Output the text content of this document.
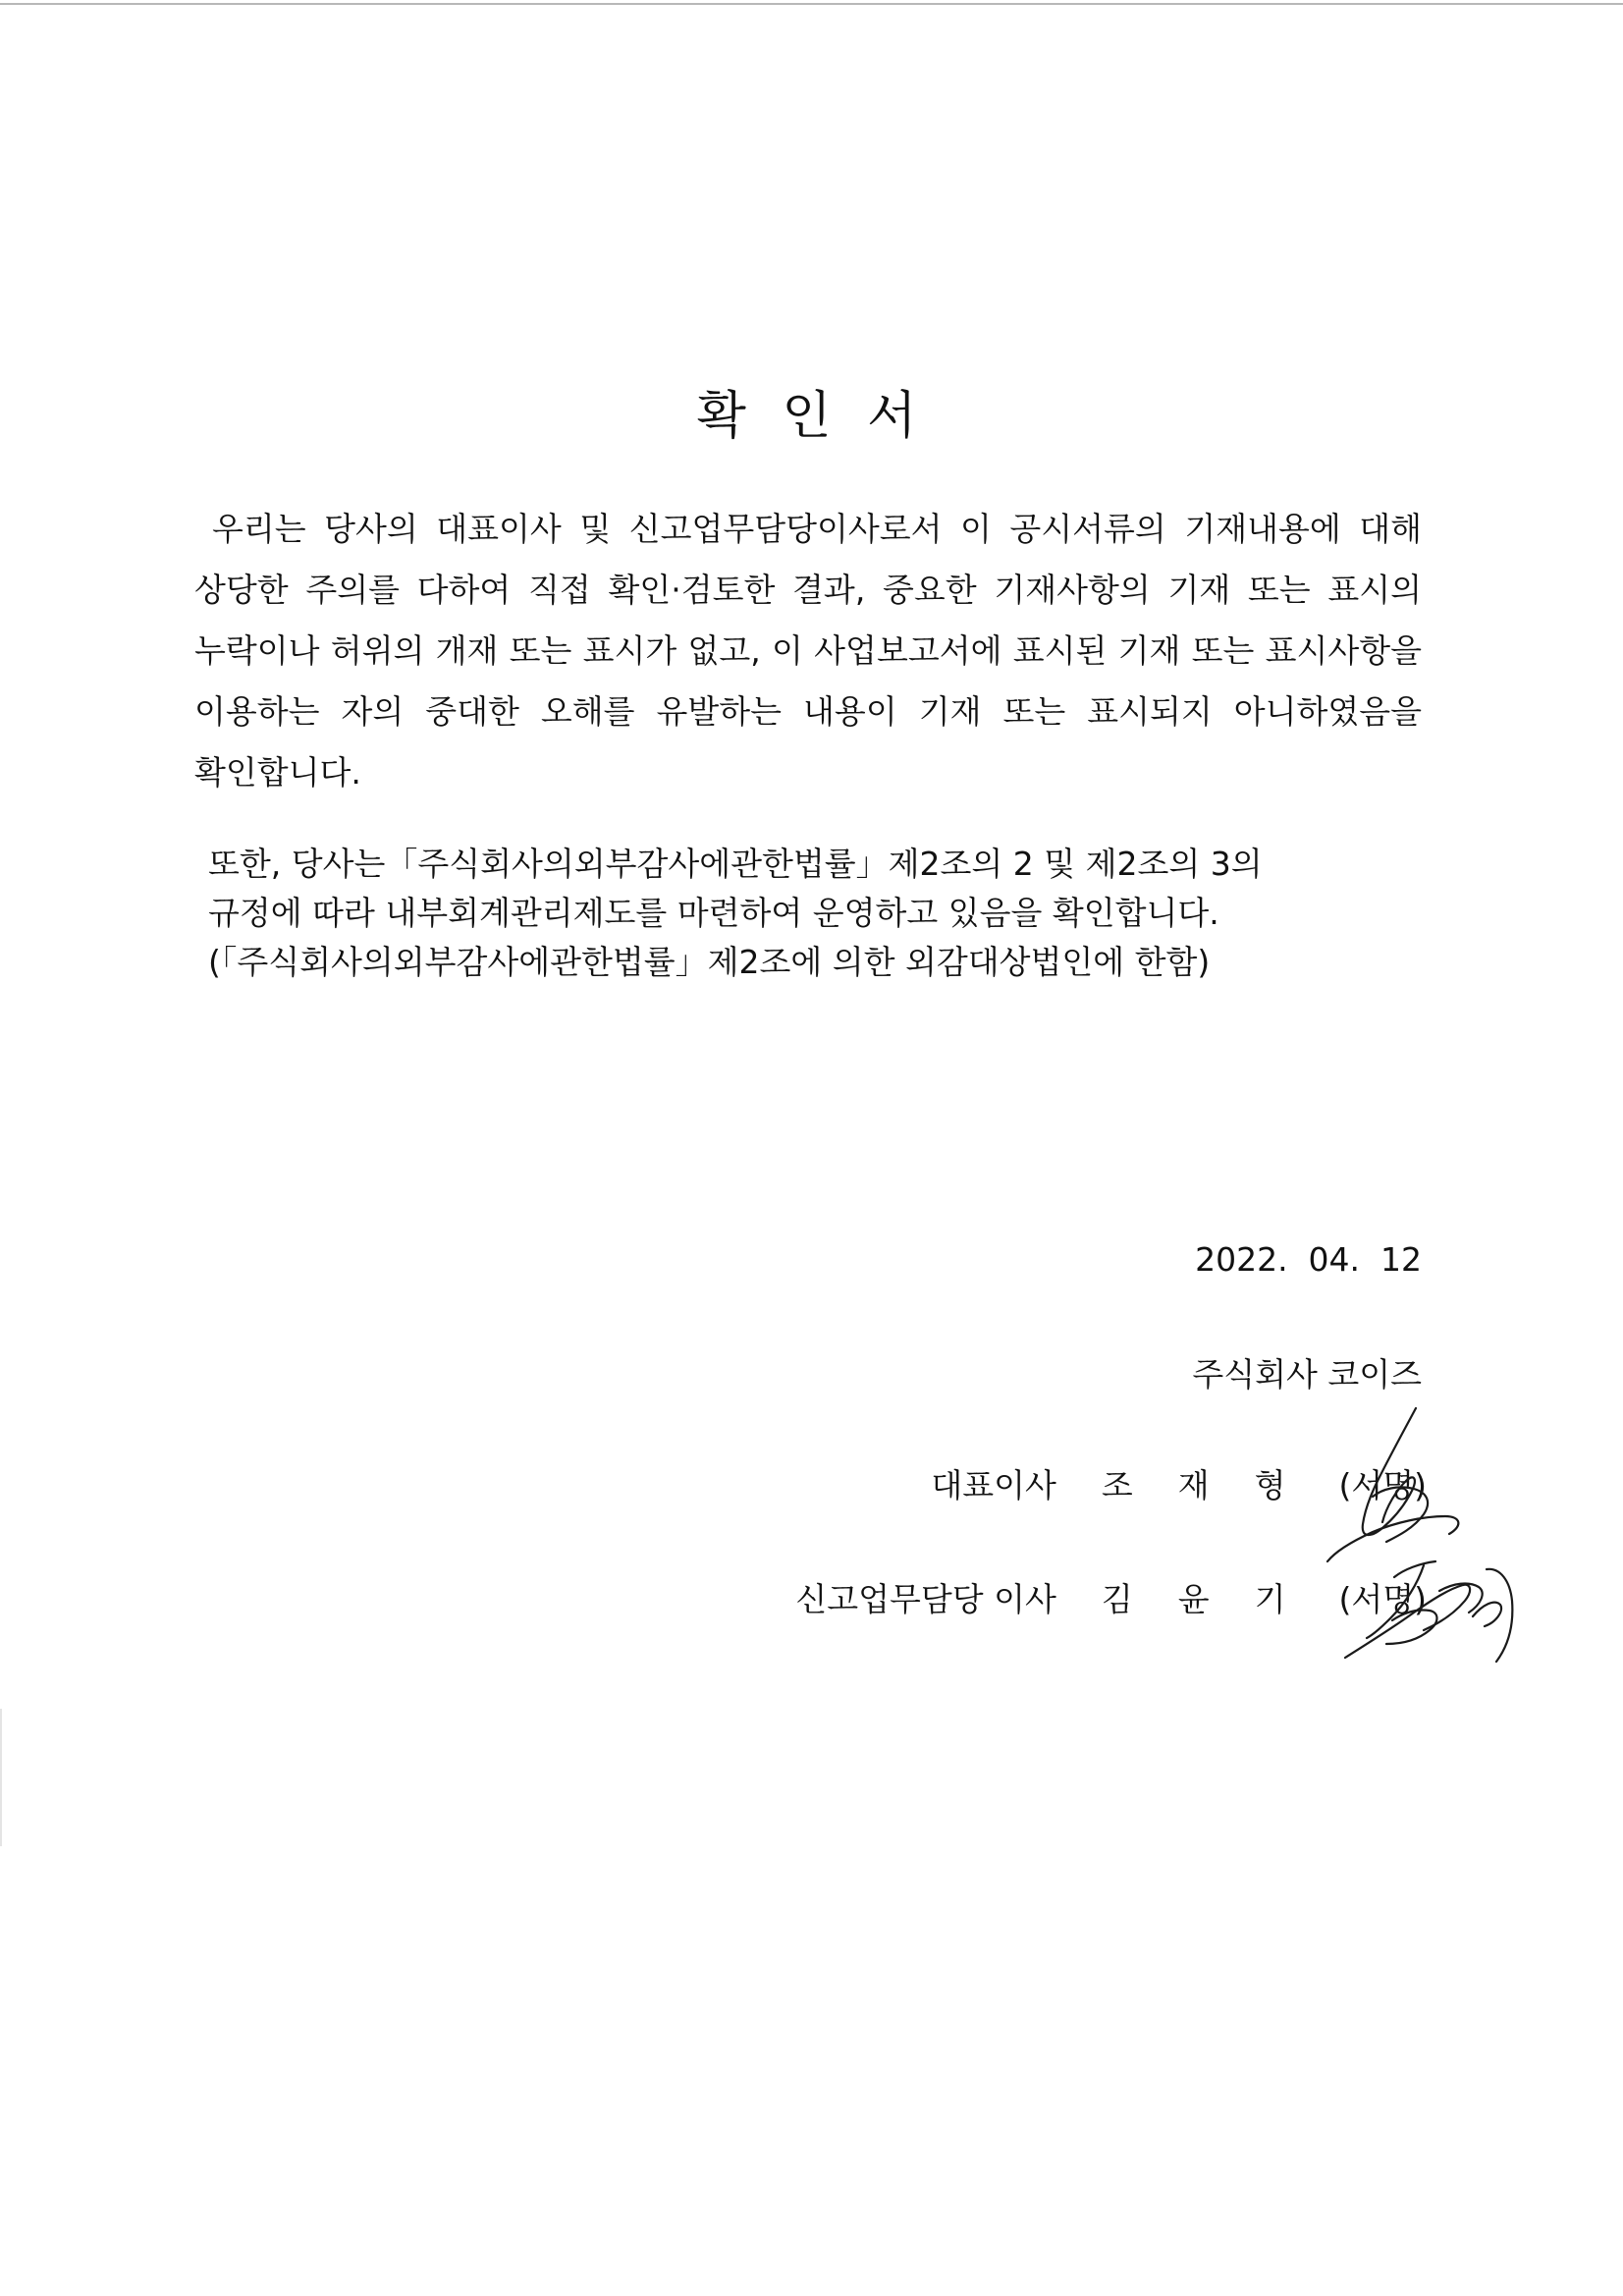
확 인 서

우리는 당사의 대표이사 및 신고업무담당이사로서 이 공시서류의 기재내용에 대해 상당한 주의를 다하여 직접 확인·검토한 결과, 중요한 기재사항의 기재 또는 표시의 누락이나 허위의 개재 또는 표시가 없고, 이 사업보고서에 표시된 기재 또는 표시사항을 이용하는 자의 중대한 오해를 유발하는 내용이 기재 또는 표시되지 아니하였음을 확인합니다.

또한, 당사는「주식회사의외부감사에관한법률」제2조의 2 및 제2조의 3의
규정에 따라 내부회계관리제도를 마련하여 운영하고 있음을 확인합니다.
(「주식회사의외부감사에관한법률」제2조에 의한 외감대상법인에 한함)
2022.  04.  12
주식회사 코이즈
대표이사 조재형 (서명)
신고업무담당 이사 김윤기 (서명)
